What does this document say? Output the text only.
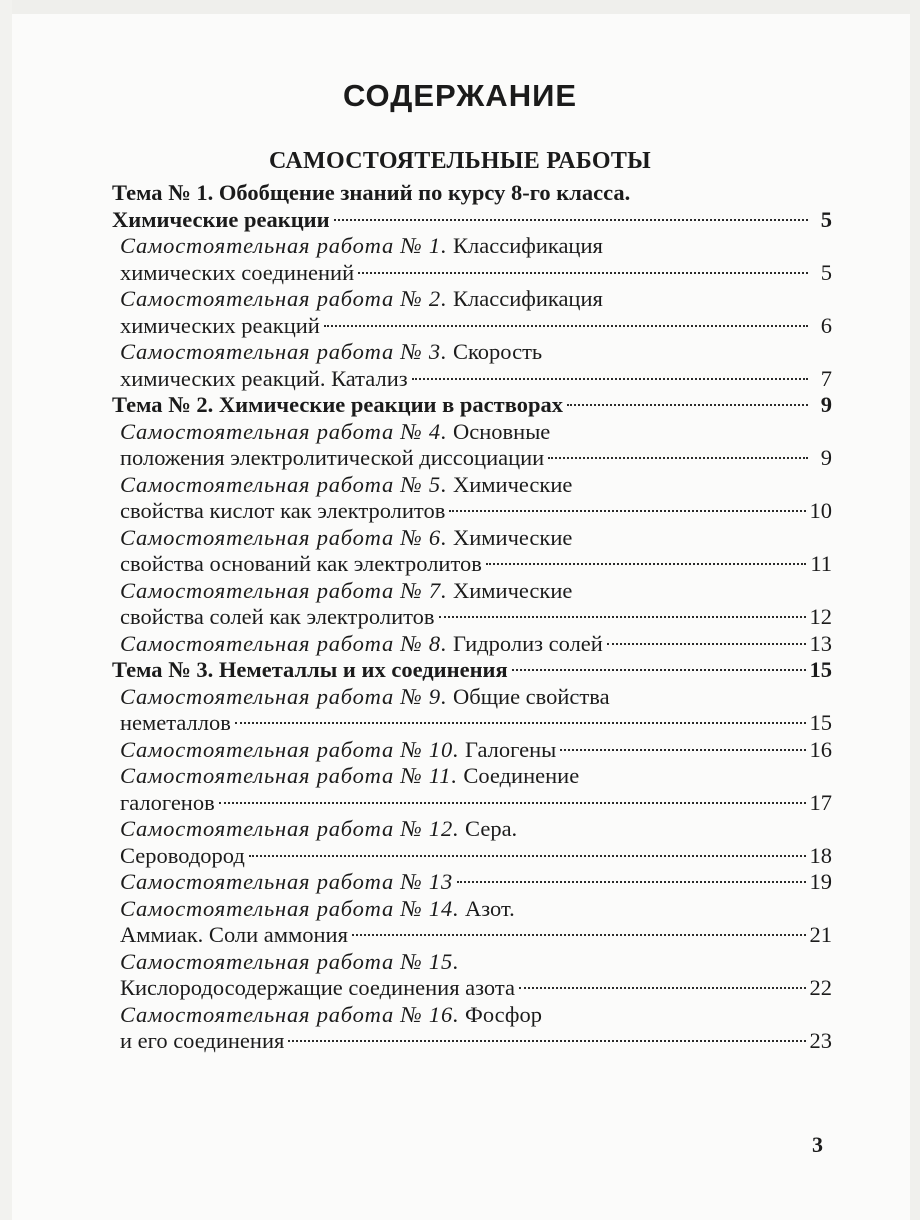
СОДЕРЖАНИЕ
САМОСТОЯТЕЛЬНЫЕ РАБОТЫ
Тема № 1. Обобщение знаний по курсу 8-го класса.
Химические реакции	5
Самостоятельная работа № 1. Классификация
химических соединений	5
Самостоятельная работа № 2. Классификация
химических реакций	6
Самостоятельная работа № 3. Скорость
химических реакций. Катализ	7
Тема № 2. Химические реакции в растворах	9
Самостоятельная работа № 4. Основные
положения электролитической диссоциации	9
Самостоятельная работа № 5. Химические
свойства кислот как электролитов	10
Самостоятельная работа № 6. Химические
свойства оснований как электролитов	11
Самостоятельная работа № 7. Химические
свойства солей как электролитов	12
Самостоятельная работа № 8. Гидролиз солей	13
Тема № 3. Неметаллы и их соединения	15
Самостоятельная работа № 9. Общие свойства
неметаллов	15
Самостоятельная работа № 10. Галогены	16
Самостоятельная работа № 11. Соединение
галогенов	17
Самостоятельная работа № 12. Сера.
Сероводород	18
Самостоятельная работа № 13	19
Самостоятельная работа № 14. Азот.
Аммиак. Соли аммония	21
Самостоятельная работа № 15.
Кислородосодержащие соединения азота	22
Самостоятельная работа № 16. Фосфор
и его соединения	23
3
